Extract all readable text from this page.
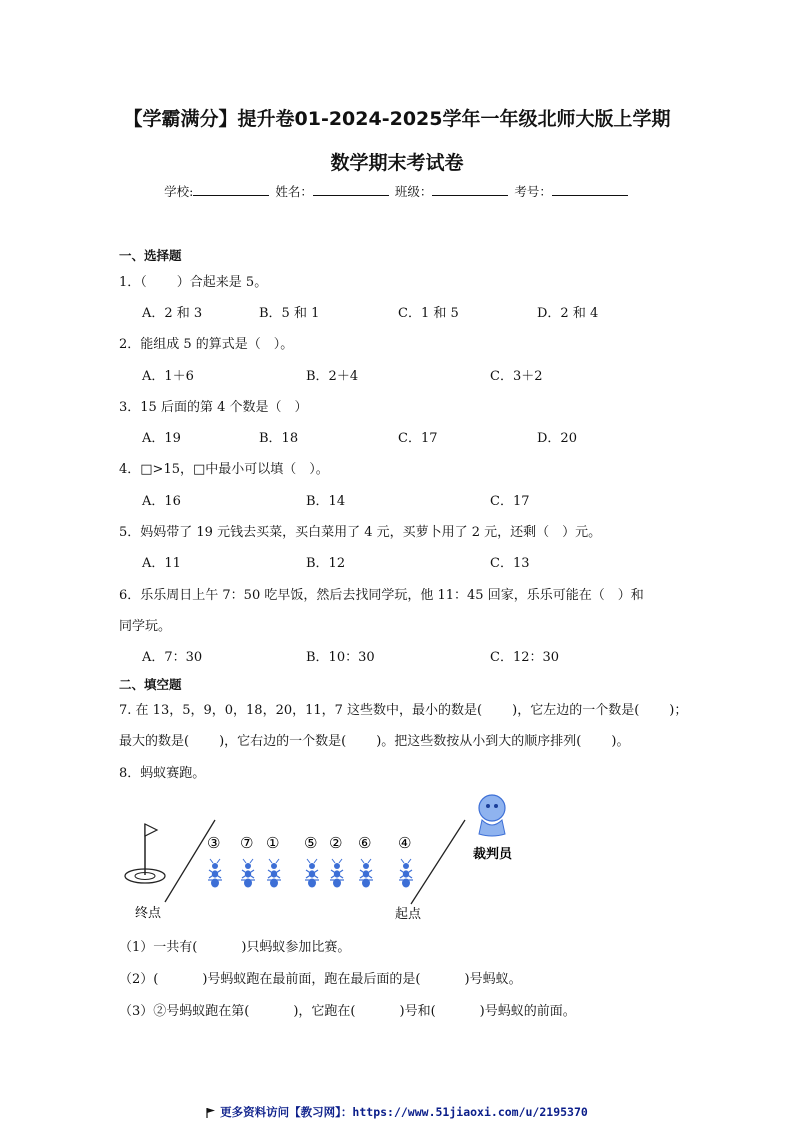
【学霸满分】提升卷01-2024-2025学年一年级北师大版上学期
数学期末考试卷
学校:	姓名：	班级：	考号：
一、选择题
1．（ ）合起来是 5。
A．2 和 3	B．5 和 1	C．1 和 5	D．2 和 4
2．能组成 5 的算式是（　）。
A．1＋6	B．2＋4	C．3＋2
3．15 后面的第 4 个数是（　）
A．19	B．18	C．17	D．20
4．□>15，□中最小可以填（　）。
A．16	B．14	C．17
5．妈妈带了 19 元钱去买菜，买白菜用了 4 元，买萝卜用了 2 元，还剩（　）元。
A．11	B．12	C．13
6．乐乐周日上午 7：50 吃早饭，然后去找同学玩，他 11：45 回家，乐乐可能在（　）和
同学玩。
A．7：30	B．10：30	C．12：30
二、填空题
7. 在 13，5，9，0，18，20，11，7 这些数中，最小的数是( )，它左边的一个数是( )；
最大的数是( )，它右边的一个数是( )。把这些数按从小到大的顺序排列( )。
8．蚂蚁赛跑。
终点	起点
裁判员
③ ⑦ ① ⑤ ② ⑥ ④
（1）一共有(	)只蚂蚁参加比赛。
（2）(	)号蚂蚁跑在最前面，跑在最后面的是(	)号蚂蚁。
（3）②号蚂蚁跑在第(	)，它跑在(	)号和(	)号蚂蚁的前面。
更多资料访问【教习网】：https://www.51jiaoxi.com/u/2195370
